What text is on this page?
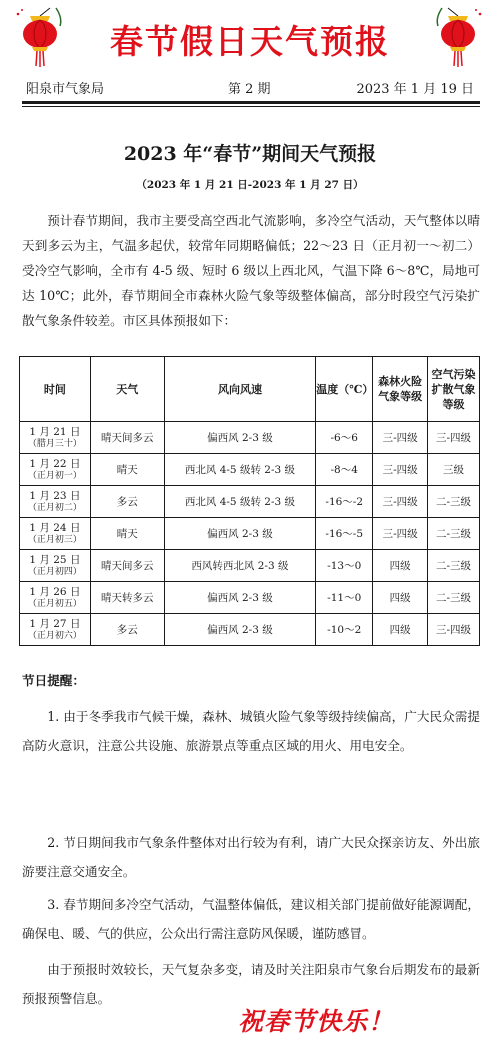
春节假日天气预报
阳泉市气象局	第 2 期	2023 年 1 月 19 日
2023 年“春节”期间天气预报
（2023 年 1 月 21 日-2023 年 1 月 27 日）

预计春节期间，我市主要受高空西北气流影响，多冷空气活动，天气整体以晴天到多云为主，气温多起伏，较常年同期略偏低；22～23 日（正月初一～初二）受冷空气影响，全市有 4-5 级、短时 6 级以上西北风，气温下降 6～8℃，局地可达 10℃；此外，春节期间全市森林火险气象等级整体偏高，部分时段空气污染扩散气象条件较差。市区具体预报如下：

时间	天气	风向风速	温度（℃）	森林火险气象等级	空气污染扩散气象等级

1 月 21 日
（腊月三十）	晴天间多云	偏西风 2-3 级	-6～6	三-四级	三-四级

1 月 22 日
（正月初一）	晴天	西北风 4-5 级转 2-3 级	-8～4	三-四级	三级

1 月 23 日
（正月初二）	多云	西北风 4-5 级转 2-3 级	-16～-2	三-四级	二-三级

1 月 24 日
（正月初三）	晴天	偏西风 2-3 级	-16～-5	三-四级	二-三级

1 月 25 日
（正月初四）	晴天间多云	西风转西北风 2-3 级	-13～0	四级	二-三级

1 月 26 日
（正月初五）	晴天转多云	偏西风 2-3 级	-11～0	四级	二-三级

1 月 27 日
（正月初六）	多云	偏西风 2-3 级	-10～2	四级	三-四级
节日提醒：

1. 由于冬季我市气候干燥，森林、城镇火险气象等级持续偏高，广大民众需提高防火意识，注意公共设施、旅游景点等重点区域的用火、用电安全。

2. 节日期间我市气象条件整体对出行较为有利，请广大民众探亲访友、外出旅游要注意交通安全。

3. 春节期间多冷空气活动，气温整体偏低，建议相关部门提前做好能源调配，确保电、暖、气的供应，公众出行需注意防风保暖，谨防感冒。

由于预报时效较长，天气复杂多变，请及时关注阳泉市气象台后期发布的最新预报预警信息。

祝春节快乐！
